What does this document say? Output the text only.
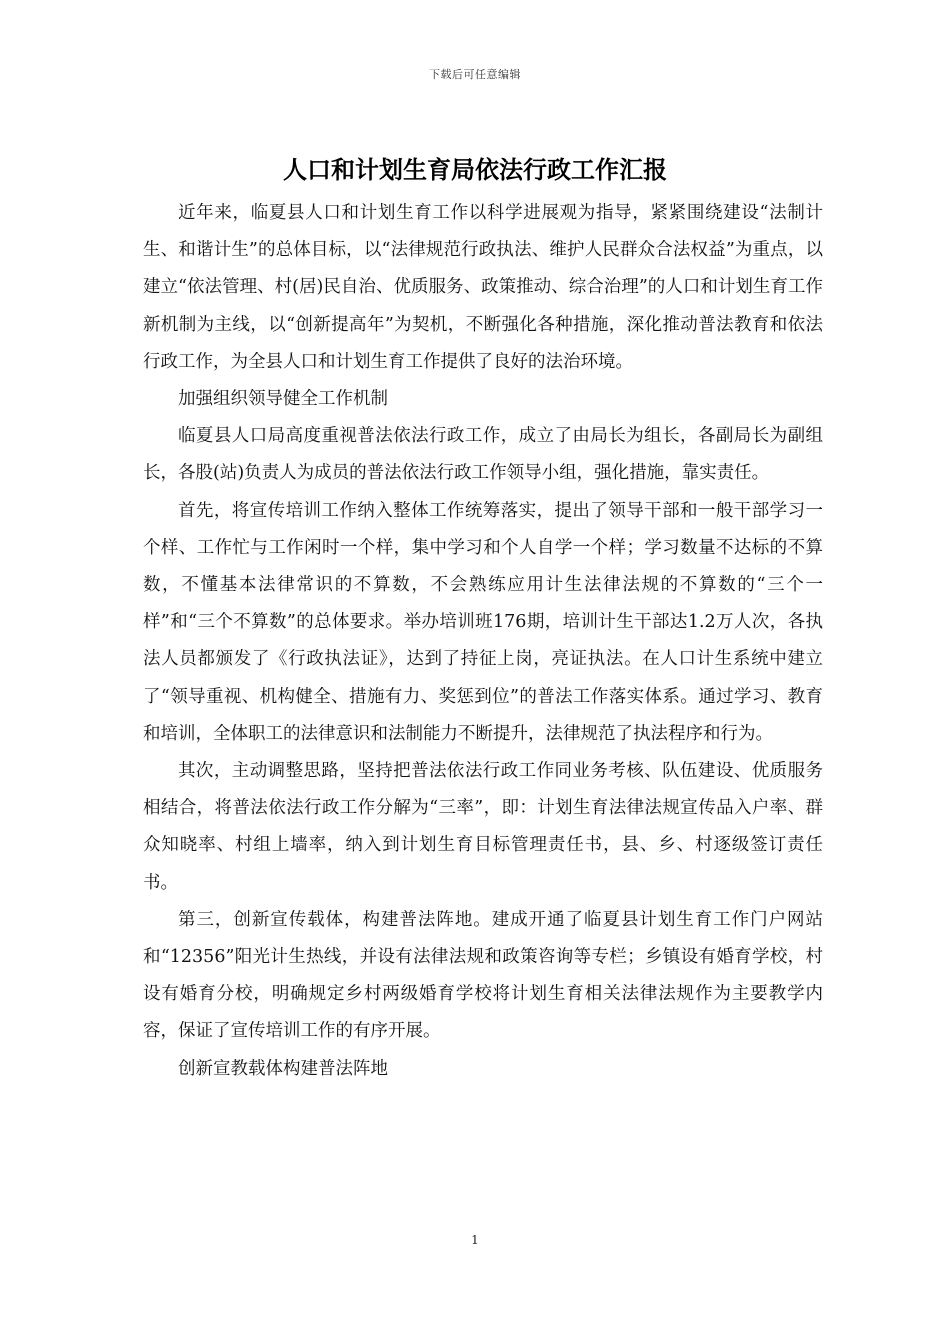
下载后可任意编辑
人口和计划生育局依法行政工作汇报

近年来，临夏县人口和计划生育工作以科学进展观为指导，紧紧围绕建设“法制计生、和谐计生”的总体目标，以“法律规范行政执法、维护人民群众合法权益”为重点，以建立“依法管理、村(居)民自治、优质服务、政策推动、综合治理”的人口和计划生育工作新机制为主线，以“创新提高年”为契机，不断强化各种措施，深化推动普法教育和依法行政工作，为全县人口和计划生育工作提供了良好的法治环境。

加强组织领导健全工作机制

临夏县人口局高度重视普法依法行政工作，成立了由局长为组长，各副局长为副组长，各股(站)负责人为成员的普法依法行政工作领导小组，强化措施，靠实责任。

首先，将宣传培训工作纳入整体工作统筹落实，提出了领导干部和一般干部学习一个样、工作忙与工作闲时一个样，集中学习和个人自学一个样；学习数量不达标的不算数，不懂基本法律常识的不算数，不会熟练应用计生法律法规的不算数的“三个一样”和“三个不算数”的总体要求。举办培训班176期，培训计生干部达1.2万人次，各执法人员都颁发了《行政执法证》，达到了持征上岗，亮证执法。在人口计生系统中建立了“领导重视、机构健全、措施有力、奖惩到位”的普法工作落实体系。通过学习、教育和培训，全体职工的法律意识和法制能力不断提升，法律规范了执法程序和行为。

其次，主动调整思路，坚持把普法依法行政工作同业务考核、队伍建设、优质服务相结合，将普法依法行政工作分解为“三率”，即：计划生育法律法规宣传品入户率、群众知晓率、村组上墙率，纳入到计划生育目标管理责任书，县、乡、村逐级签订责任书。

第三，创新宣传载体，构建普法阵地。建成开通了临夏县计划生育工作门户网站和“12356”阳光计生热线，并设有法律法规和政策咨询等专栏；乡镇设有婚育学校，村设有婚育分校，明确规定乡村两级婚育学校将计划生育相关法律法规作为主要教学内容，保证了宣传培训工作的有序开展。

创新宣教载体构建普法阵地

1
